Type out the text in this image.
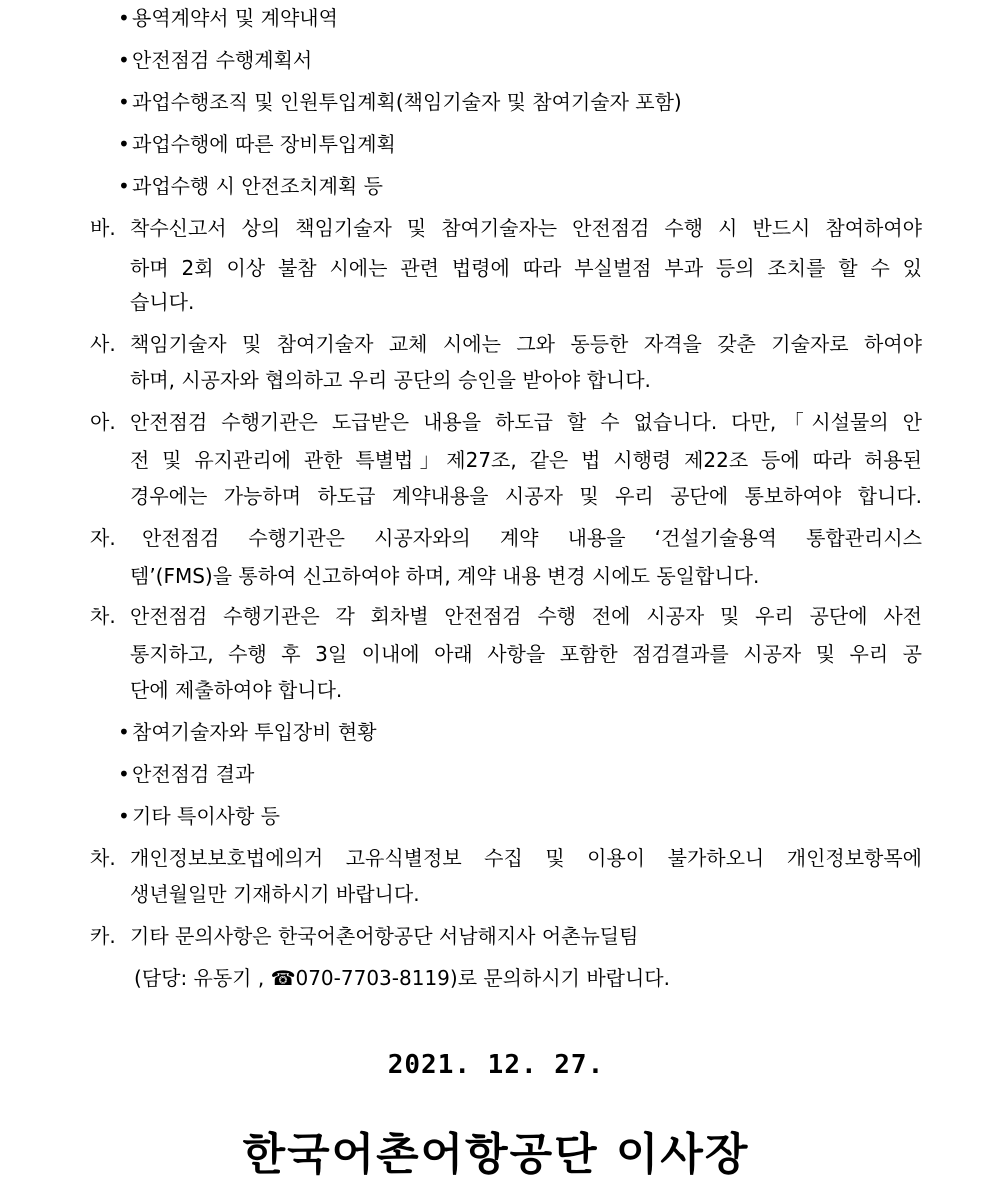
• 용역계약서 및 계약내역
• 안전점검 수행계획서
• 과업수행조직 및 인원투입계획(책임기술자 및 참여기술자 포함)
• 과업수행에 따른 장비투입계획
• 과업수행 시 안전조치계획 등
바. 착수신고서 상의 책임기술자 및 참여기술자는 안전점검 수행 시 반드시 참여하여야
하며 2회 이상 불참 시에는 관련 법령에 따라 부실벌점 부과 등의 조치를 할 수 있
습니다.
사. 책임기술자 및 참여기술자 교체 시에는 그와 동등한 자격을 갖춘 기술자로 하여야
하며, 시공자와 협의하고 우리 공단의 승인을 받아야 합니다.
아. 안전점검 수행기관은 도급받은 내용을 하도급 할 수 없습니다. 다만,「시설물의 안
전 및 유지관리에 관한 특별법」제27조, 같은 법 시행령 제22조 등에 따라 허용된
경우에는 가능하며 하도급 계약내용을 시공자 및 우리 공단에 통보하여야 합니다.
자. 안전점검 수행기관은 시공자와의 계약 내용을 ‘건설기술용역 통합관리시스
템’(FMS)을 통하여 신고하여야 하며, 계약 내용 변경 시에도 동일합니다.
차. 안전점검 수행기관은 각 회차별 안전점검 수행 전에 시공자 및 우리 공단에 사전
통지하고, 수행 후 3일 이내에 아래 사항을 포함한 점검결과를 시공자 및 우리 공
단에 제출하여야 합니다.
• 참여기술자와 투입장비 현황
• 안전점검 결과
• 기타 특이사항 등
차. 개인정보보호법에의거 고유식별정보 수집 및 이용이 불가하오니 개인정보항목에
생년월일만 기재하시기 바랍니다.
카. 기타 문의사항은 한국어촌어항공단 서남해지사 어촌뉴딜팀
(담당: 유동기 , ☎070-7703-8119)로 문의하시기 바랍니다.
2021. 12. 27.
한국어촌어항공단 이사장
